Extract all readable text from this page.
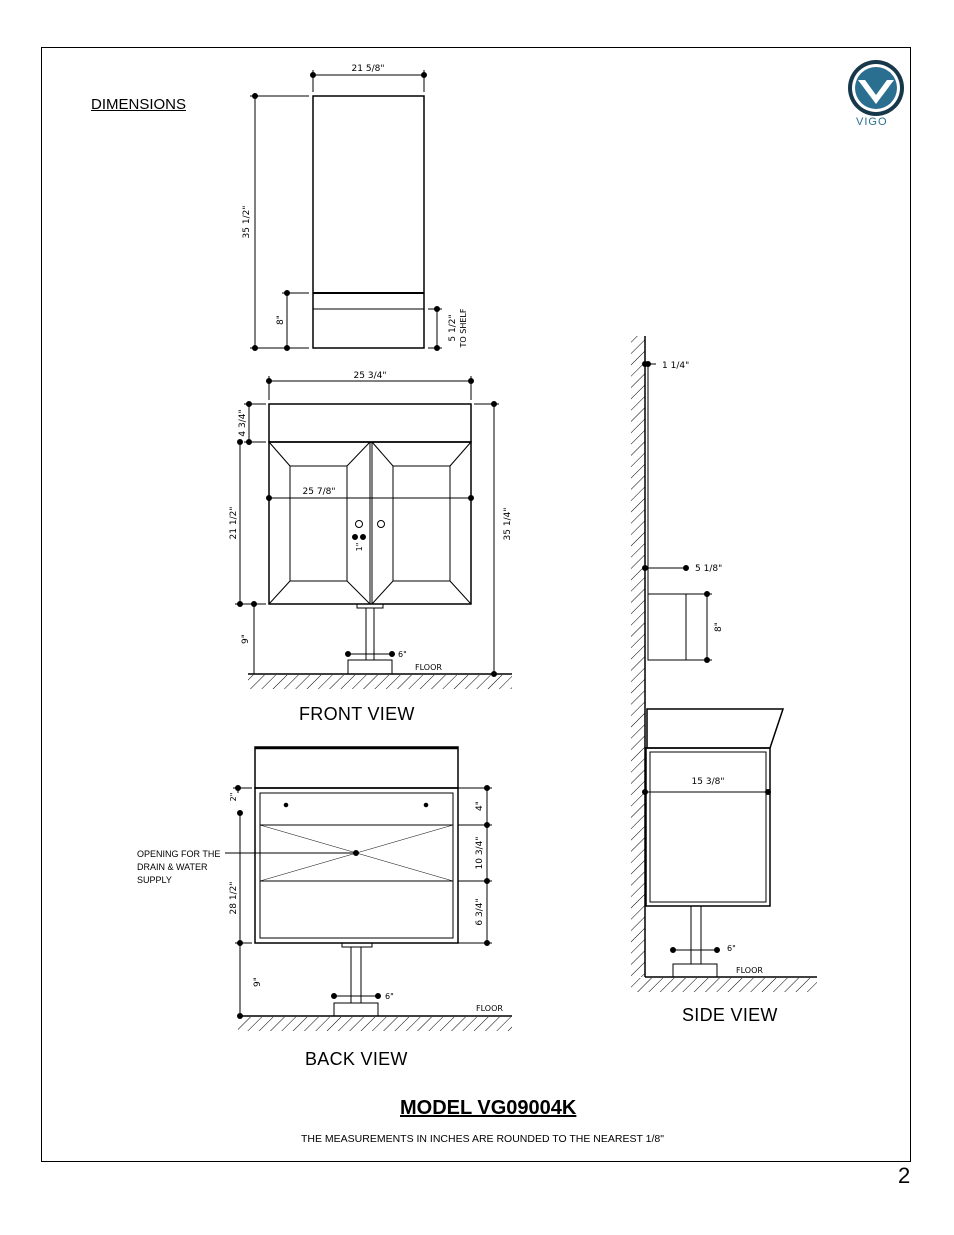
21 5/8"
35 1/2"
8"	5 1/2" TO SHELF
25 3/4"
4 3/4"
21 1/2"
9"
35 1/4"
25 7/8"
1"
6"
FLOOR
2"
4"
10 3/4"
6 3/4"
28 1/2"
9"
6"
FLOOR
1 1/4"
5 1/8"
8"
15 3/8"
6"
FLOOR
DIMENSIONS
VIGO
FRONT VIEW
BACK VIEW
SIDE VIEW
OPENING FOR THE DRAIN & WATER SUPPLY
MODEL VG09004K
THE MEASUREMENTS IN INCHES ARE ROUNDED TO THE NEAREST 1/8"
2
